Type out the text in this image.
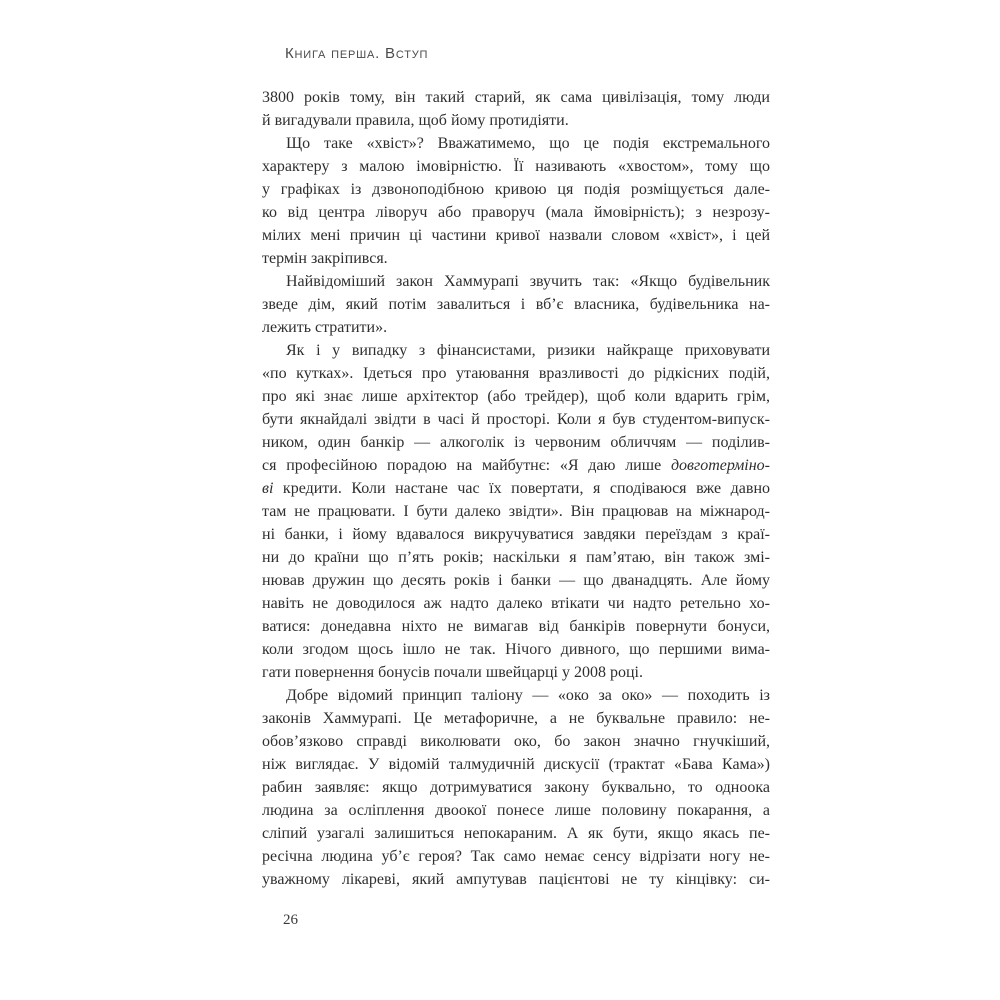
Книга перша. Вступ
3800 років тому, він такий старий, як сама цивілізація, тому люди
й вигадували правила, щоб йому протидіяти.
Що таке «хвіст»? Вважатимемо, що це подія екстремального
характеру з малою імовірністю. Її називають «хвостом», тому що
у графіках із дзвоноподібною кривою ця подія розміщується дале-
ко від центра ліворуч або праворуч (мала ймовірність); з незрозу-
мілих мені причин ці частини кривої назвали словом «хвіст», і цей
термін закріпився.
Найвідоміший закон Хаммурапі звучить так: «Якщо будівельник
зведе дім, який потім завалиться і вб’є власника, будівельника на-
лежить стратити».
Як і у випадку з фінансистами, ризики найкраще приховувати
«по кутках». Ідеться про утаювання вразливості до рідкісних подій,
про які знає лише архітектор (або трейдер), щоб коли вдарить грім,
бути якнайдалі звідти в часі й просторі. Коли я був студентом-випуск-
ником, один банкір — алкоголік із червоним обличчям — поділив-
ся професійною порадою на майбутнє: «Я даю лише довготерміно-
ві кредити. Коли настане час їх повертати, я сподіваюся вже давно
там не працювати. І бути далеко звідти». Він працював на міжнарод-
ні банки, і йому вдавалося викручуватися завдяки переїздам з краї-
ни до країни що п’ять років; наскільки я пам’ятаю, він також змі-
нював дружин що десять років і банки — що дванадцять. Але йому
навіть не доводилося аж надто далеко втікати чи надто ретельно хо-
ватися: донедавна ніхто не вимагав від банкірів повернути бонуси,
коли згодом щось ішло не так. Нічого дивного, що першими вима-
гати повернення бонусів почали швейцарці у 2008 році.
Добре відомий принцип таліону — «око за око» — походить із
законів Хаммурапі. Це метафоричне, а не буквальне правило: не-
обов’язково справді виколювати око, бо закон значно гнучкіший,
ніж виглядає. У відомій талмудичній дискусії (трактат «Бава Кама»)
рабин заявляє: якщо дотримуватися закону буквально, то одноока
людина за осліплення двоокої понесе лише половину покарання, а
сліпий узагалі залишиться непокараним. А як бути, якщо якась пе-
ресічна людина уб’є героя? Так само немає сенсу відрізати ногу не-
уважному лікареві, який ампутував пацієнтові не ту кінцівку: си-
26
